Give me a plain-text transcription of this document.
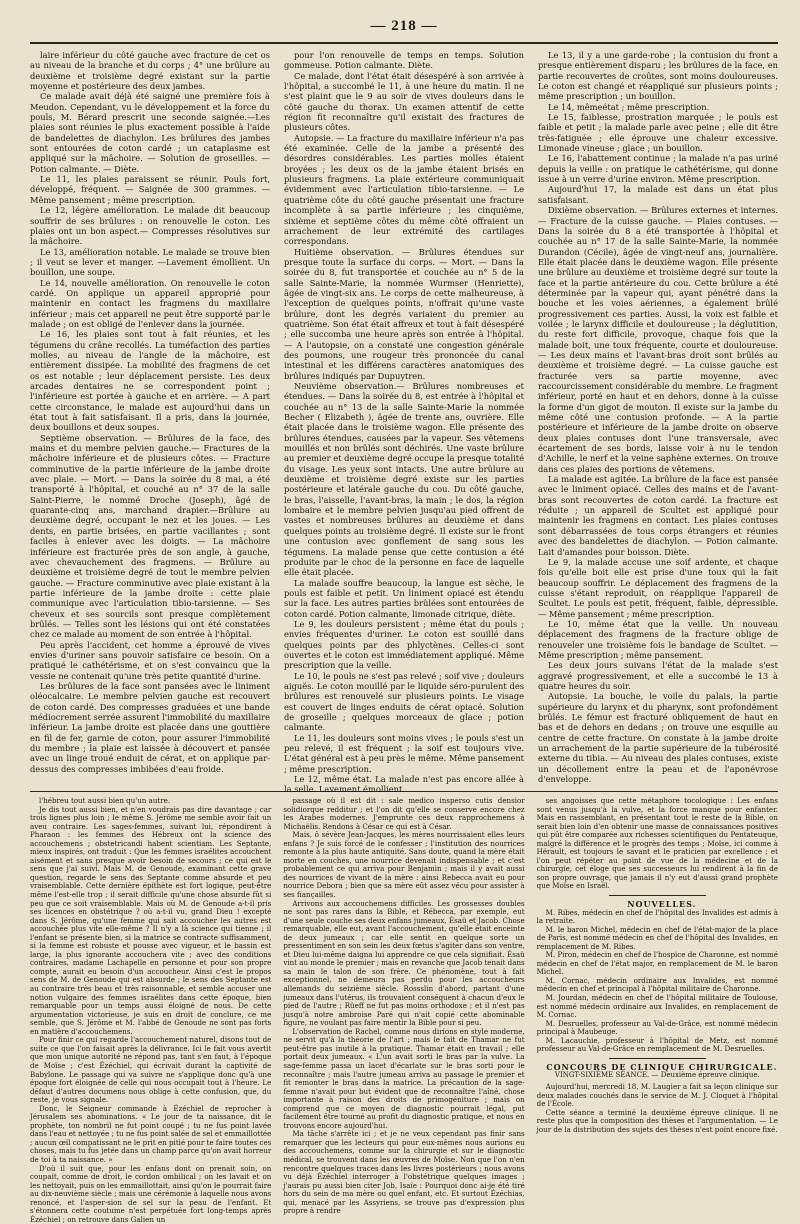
— 218 —

laire inférieur du côté gauche avec fracture de cet os au niveau de la branche et du corps ; 4° une brûlure au deuxième et troisième degré existant sur la partie moyenne et postérieure des deux jambes.

Ce malade avait déjà été saigné une première fois à Meudon. Cependant, vu le développement et la force du pouls, M. Bérard prescrit une seconde saignée.—Les plaies sont réunies le plus exactement possible à l'aide de bandelettes de diachylon. Les brûlures des jambes sont entourées de coton cardé ; un cataplasme est appliqué sur la mâchoire. — Solution de groseilles. — Potion calmante. — Diète.

Le 11, les plaies paraissent se réunir. Pouls fort, développé, fréquent. — Saignée de 300 grammes. — Même pansement ; même prescription.

Le 12, légère amélioration. Le malade dit beaucoup souffrir de ses brûlures : on renouvelle le coton. Les plaies ont un bon aspect.— Compresses résolutives sur la mâchoire.

Le 13, amélioration notable. Le malade se trouve bien ; il veut se lever et manger. —Lavement émollient. Un bouillon, une soupe.

Le 14, nouvelle amélioration. On renouvelle le coton cardé. On applique un appareil approprié pour maintenir en contact les fragmens du maxillaire inférieur ; mais cet appareil ne peut être supporté par le malade ; on est obligé de l'enlever dans la journée.

Le 16, les plaies sont tout à fait réunies, et les tégumens du crâne recollés. La tuméfaction des parties molles, au niveau de l'angle de la mâchoire, est entièrement dissipée. La mobilité des fragmens de cet os est notable ; leur déplacement persiste. Les deux arcades dentaires ne se correspondent point ; l'inférieure est portée à gauche et en arrière. — A part cette circonstance, le malade est aujourd'hui dans un état tout à fait satisfaisant. Il a pris, dans la journée, deux bouillons et deux soupes.

Septième observation. — Brûlures de la face, des mains et du membre pelvien gauche.— Fractures de la mâchoire inférieure et de plusieurs côtes. — Fracture comminutive de la partie inférieure de la jambe droite avec plaie. — Mort. — Dans la soirée du 8 mai, a été transporté à l'hôpital, et couché au n° 37 de la salle Saint-Pierre, le nommé Droche (Joseph), âgé de quarante-cinq ans, marchand drapier.—Brûlure au deuxième degré, occupant le nez et les joues. — Les dents, en partie brisées, en partie vacillantes ; sont faciles à enlever avec les doigts. — La mâchoire inférieure est fracturée près de son angle, à gauche, avec chevauchement des fragmens. — Brûlure au deuxième et troisième degré de tout le membre pelvien gauche. — Fracture comminutive avec plaie existant à la partie inférieure de la jambe droite : cette plaie communique avec l'articulation tibio-tarsienne. — Ses cheveux et ses sourcils sont presque complètement brûlés. — Telles sont les lésions qui ont été constatées chez ce malade au moment de son entrée à l'hôpital.

Peu après l'accident, cet homme a éprouvé de vives envies d'uriner sans pouvoir satisfaire ce besoin. On a pratiqué le cathétérisme, et on s'est convaincu que la vessie ne contenait qu'une très petite quantité d'urine.

Les brûlures de la face sont pansées avec le liniment oléocalcaire. Le membre pelvien gauche est recouvert de coton cardé. Des compresses graduées et une bande médiocrement serrée assurent l'immobilité du maxillaire inférieur. La jambe droite est placée dans une gouttière en fil de fer, garnie de coton, pour assurer l'immobilité du membre ; la plaie est laissée à découvert et pansée avec un linge troué enduit de cérat, et on applique par-dessus des compresses imbibées d'eau froide.

pour l'on renouvelle de temps en temps. Solution gommeuse. Potion calmante. Diète.

Ce malade, dont l'état était désespéré à son arrivée à l'hôpital, a succombé le 11, à une heure du matin. Il ne s'est plaint que le 9 au soir de vives douleurs dans le côté gauche du thorax. Un examen attentif de cette région fit reconnaître qu'il existait des fractures de plusieurs côtes.

Autopsie. — La fracture du maxillaire inférieur n'a pas été examinée. Celle de la jambe a présenté des désordres considérables. Les parties molles étaient broyées ; les deux os de la jambe étaient brisés en plusieurs fragmens. La plaie extérieure communiquait évidemment avec l'articulation tibio-tarsienne. — Le quatrième côte du côté gauche présentait une fracture incomplète à sa partie inférieure ; les cinquième, sixième et septième côtes du même côté offraient un arrachement de leur extrémité des cartilages correspondans.

Huitième observation. — Brûlures étendues sur presque toute la surface du corps. — Mort. — Dans la soirée du 8, fut transportée et couchée au n° 5 de la salle Sainte-Marie, la nommée Wurmser (Henriette), âgée de vingt-six ans. Le corps de cette malheureuse, à l'exception de quelques points, n'offrait qu'une vaste brûlure, dont les degrés variaient du premier au quatrième. Son état était affreux et tout à fait désespéré ; elle succomba une heure après son entrée à l'hôpital. — A l'autopsie, on a constaté une congestion générale des poumons, une rougeur très prononcée du canal intestinal et les différens caractères anatomiques des brûlures indiqués par Dupuytren.

Neuvième observation.— Brûlures nombreuses et étendues. — Dans la soirée du 8, est entrée à l'hôpital et couchée au n° 13 de la salle Sainte-Marie la nommée Becher ( Elizabeth ), âgée de trente ans, ouvrière. Elle était placée dans le troisième wagon. Elle présente des brûlures étendues, causées par la vapeur. Ses vêtemens mouillés et non brûlés sont déchirés. Une vaste brûlure au premier et deuxième degré occupe la presque totalité du visage. Les yeux sont intacts. Une autre brûlure au deuxième et troisième degré existe sur les parties postérieure et latérale gauche du cou. Du côté gauche, le bras, l'aisselle, l'avant-bras, la main ; le dos, la région lombaire et le membre pelvien jusqu'au pied offrent de vastes et nombreuses brûlures au deuxième et dans quelques points au troisième degré. Il existe sur le front une contusion avec gonflement de sang sous les tégumens. La malade pense que cette contusion a été produite par le choc de la personne en face de laquelle elle était placée.

La malade souffre beaucoup, la langue est sèche, le pouls est faible et petit. Un liniment opiacé est étendu sur la face. Les autres parties brûlées sont entourées de coton cardé. Potion calmante, limonade citrique, diète.

Le 9, les douleurs persistent ; même état du pouls ; envies fréquentes d'uriner. Le coton est souillé dans quelques points par des phlyctènes. Celles-ci sont ouvertes et le coton est immédiatement appliqué. Même prescription que la veille.

Le 10, le pouls ne s'est pas relevé ; soif vive ; douleurs aiguës. Le coton mouillé par le liquide séro-purulent des brûlures est renouvelé sur plusieurs points. Le visage est couvert de linges enduits de cérat opiacé. Solution de groseille ; quelques morceaux de glace ; potion calmante.

Le 11, les douleurs sont moins vives ; le pouls s'est un peu relevé, il est fréquent ; la soif est toujours vive. L'état général est à peu près le même. Même pansement ; même prescription.

Le 12, même état. La malade n'est pas encore allée à la selle. Lavement émollient.

Le 13, il y a une garde-robe ; la contusion du front a presque entièrement disparu ; les brûlures de la face, en partie recouvertes de croûtes, sont moins douloureuses. Le coton est changé et réappliqué sur plusieurs points ; même prescription ; un bouillon.

Le 14, mêmeétat ; même prescription.

Le 15, faiblesse, prostration marquée ; le pouls est faible et petit ; la malade parle avec peine ; elle dit être très-fatiguée ; elle éprouve une chaleur excessive. Limonade vineuse ; glace ; un bouillon.

Le 16, l'abattement continue ; la malade n'a pas uriné depuis la veille : on pratique le cathétérisme, qui donne issue à un verre d'urine environ. Même prescription.

Aujourd'hui 17, la malade est dans un état plus satisfaisant.

Dixième observation. — Brûlures externes et internes.— Fracture de la cuisse gauche. — Plaies contuses. — Dans la soirée du 8 a été transportée à l'hôpital et couchée au n° 17 de la salle Sainte-Marie, la nommée Durandon (Cécile), âgée de vingt-neuf ans, journalière. Elle était placée dans le deuxième wagon. Elle présente une brûlure au deuxième et troisième degré sur toute la face et la partie antérieure du cou. Cette brûlure a été déterminée par la vapeur qui, ayant pénétré dans la bouche et les voies aériennes, a également brûlé progressivement ces parties. Aussi, la voix est faible et voilée ; le larynx difficile et douloureuse ; la déglutition, du reste fort difficile, provoque, chaque fois que la malade boit, une toux fréquente, courte et douloureuse. — Les deux mains et l'avant-bras droit sont brûlés au deuxième et troisième degré. — La cuisse gauche est fracturée vers sa partie moyenne, avec raccourcissement considérable du membre. Le fragment inférieur, porté en haut et en dehors, donne à la cuisse la forme d'un gigot de mouton. Il existe sur la jambe du même côté une contusion profonde. — A la partie postérieure et inférieure de la jambe droite on observe deux plaies contuses dont l'une transversale, avec écartement de ses bords, laisse voir à nu le tendon d'Achille, le nerf et la veine saphène externes. On trouve dans ces plaies des portions de vêtemens.

La malade est agitée. La brûlure de la face est pansée avec le liniment opiacé. Celles des mains et de l'avant-bras sont recouvertes de coton cardé. La fracture est réduite ; un appareil de Scultet est appliqué pour maintenir les fragmens en contact. Les plaies contuses sont débarrassées de tous corps étrangers et réunies avec des bandelettes de diachylon. — Potion calmante. Lait d'amandes pour boisson. Diète.

Le 9, la malade accuse une soif ardente, et chaque fois qu'elle boit elle est prise d'une toux qui la fait beaucoup souffrir. Le déplacement des fragmens de la cuisse s'étant reproduit, on réapplique l'appareil de Scultet. Le pouls est petit, fréquent, faible, dépressible. — Même pansement ; même prescription.

Le 10, même état que la veille. Un nouveau déplacement des fragmens de la fracture oblige de renouveler une troisième fois le bandage de Scultet. — Même prescription ; même pansement.

Les deux jours suivans l'état de la malade s'est aggravé progressivement, et elle a succombé le 13 à quatre heures du soir.

Autopsie. La bouche, le voile du palais, la partie supérieure du larynx et du pharynx, sont profondément brûlés. Le fémur est fracturé obliquement de haut en bas et de dehors en dedans ; on trouve une esquille au centre de cette fracture. On constate à la jambe droite un arrachement de la partie supérieure de la tubérosité externe du tibia. — Au niveau des plaies contuses, existe un décollement entre la peau et de l'aponévrose d'enveloppe.

l'hébreu tout aussi bien qu'un autre.

Je dis tout aussi bien, et n'en voudrais pas dire davantage ; car trois lignes plus loin ; le même S. Jérôme me semble avoir fait un aveu contraire. Les sages-femmes, suivant lui, répondirent à Pharaon : les femmes des Hébreux ont la science des accouchemens ; obstetricandi habent scientiam. Les Septante, mieux inspirés, ont traduit : Que les femmes israélites accouchent aisément et sans presque avoir besoin de secours ; ce qui est le sens que j'ai suivi. Mais M. de Genoude, examinant cette grave question, regarde le sens des Septante comme absurde et peu vraisemblable. Cette dernière épithète est fort logique, peut-être même l'est-elle trop ; il serait difficile qu'une chose absurde fût si peu que ce soit vraisemblable. Mais où M. de Genoude a-t-il pris ses licences en obstétrique ? où a-t-il vu, grand Dieu ! excepté dans S. Jérôme, qu'une femme qui sait accoucher les autres est accouchée plus vite elle-même ? Il n'y a là science qui tienne ; il l'enfant se présente bien, si la matrice se contracte suffisamment, si la femme est robuste et pousse avec vigueur, et le bassin est large, la plus ignorante accouchera vite ; avec des conditions contraires, madame Lachapelle en personne et pour son propre compte, aurait eu besoin d'un accoucheur. Ainsi c'est le propos sens de M. de Genoude qui est absurde ; le sens des Septante est au contraire très beau et très raisonnable, et semble accuser une notion vulgaire des femmes israélites dans cette époque, bien remarquable pour un temps aussi éloigné de nous. De cette argumentation victorieuse, je suis en droit de conclure, ce me semble, que S. Jérôme et M. l'abbé de Genoude ne sont pas forts en matière d'accouchemens.

Pour finir ce qui regarde l'accouchement naturel, disons tout de suite ce que l'on faisait après la délivrance. Ici le fait vous avertit que mon unique autorité ne répond pas, tant s'en faut, à l'époque de Moïse ; c'est Ézéchiel, qui écrivait durant la captivité de Babylone. Le passage qui va suivre ne s'applique donc qu'à une époque fort éloignée de celle qui nous occupait tout à l'heure. Le défaut d'autres documens nous oblige à cette confusion, que, du reste, je vous signale.

Donc, le Seigneur commande à Ézéchiel de reprocher à Jérusalem ses abominations. « Le jour de ta naissance, dit le prophète, ton nombril ne fut point coupé ; tu ne fus point lavée dans l'eau et nettoyée ; tu ne fus point salée de sel et emmaillottée ; aucun œil compatissant ne le prit en pitié pour te faire toutes ces choses, mais tu fus jetée dans un champ parce qu'on avait horreur de toi à ta naissance. »

D'où il suit que, pour les enfans dont on prenait soin, on coupait, comme de droit, le cordon ombilical ; on les lavait et on les nettoyait, puis on les emmaillottait, ainsi qu'on le pourrait faire au dix-neuvième siècle ; mais une cérémonie à laquelle nous avons renoncé, et l'asper-sion de sel sur la peau de l'enfant. Et s'étonnera cette coutume n'est perpétuée fort long-temps après Ézéchiel ; on retrouve dans Galien un

passage où il est dit : sale medico insperso cutis densior solidiorque redditur ; et l'on dit qu'elle se conserve encore chez les Arabes modernes. J'emprunte ces deux rapprochemens à Michaëlis. Rendons à César ce qui est à César.

Mais, ô sévère Jean-Jacques, les mères nourrissaient elles leurs enfans ? Je suis forcé de le confesser ; l'institution des nourrices remonte à la plus haute antiquité. Sans doute, quand la mère était morte en couches, une nourrice devenait indispensable ; et c'est probablement ce qui arriva pour Benjamin ; mais il y avait aussi des nourrices de vivant de la mère : ainsi Rebecca avait eu pour nourrice Debora ; bien que sa mère eût assez vécu pour assister à ses fiançailles.

Arrivons aux accouchemens difficiles. Les grossesses doubles ne sont pas rares dans la Bible, et Rébecca, par exemple, eut d'une seule couche ses deux enfans jumeaux, Ésaü et Jacob. Chose remarquable, elle eut, avant l'accouchement, qu'elle était enceinte de deux jumeaux ; car elle sentit en quelque sorte un pressentiment en son sein les deux fœtus s'agiter dans son ventre, et Dieu lui-même daigna lui apprendre ce que cela signifiait. Ésaü vint au monde le premier ; mais en revanche que Jacob tenait dans sa main le talon de son frère. Ce phénomène, tout à fait exceptionnel, ne demeura pas perdu pour les accoucheurs allemands du seizième siècle. Rossslin d'abord, partant d'une jumeaux dans l'utérus, ils trouvaient conséquent à chacun d'eux le pied de l'autre ; Rüeff ne fut pas moins orthodoxe ; et il n'est pas jusqu'à notre ambroise Paré qui n'ait copié cette abominable figure, ne voulant pas faire mentir la Bible pour si peu.

L'observation de Rachel, comme nous dirions en style moderne, ne servit qu'à la théorie de l'art ; mais le fait de Thamar ne fut peut-être pas inutile à la pratique. Thamar était en travail ; elle portait deux jumeaux. « L'un avait sorti le bras par la vulve. La sage-femme passa un lacet d'écarlate sur le bras sorti pour le reconnaître ; mais l'autre jumeau arriva au passage le premier et fit remonter le bras dans la matrice. La précaution de la sage-femme n'avait pour but évident que de reconnaître l'aîné, chose importante à raison des droits de primogéniture ; mais on comprend que ce moyen de diagnostic pourrait légal, put facilement être tourné au profit du diagnostic pratique, et nous en trouvons encore aujourd'hui.

Ma tâche s'arrête ici ; et je ne veux cependant pas finir sans remarquer que les lecteurs qui pour eux-mêmes nous aurions eu des accouchemens, comme sur la chirurgie et sur le diagnostic médical, se trouvent dans les œuvres de Moïse. Non que l'on n'en rencontre quelques traces dans les livres postérieurs ; nous avons vu déjà Ézéchiel interroger à l'obstétrique quelques images ; j'aurais pu aussi bien citer Job, Isaïe : Pourquoi donc ai-je été tiré hors du sein de ma mère ou quel enfant, etc. Et surtout Ézéchias, qui, menacé par les Assyriens, se trouve pas d'expression plus propre à rendre

ses angoisses que cette métaphore tocologique : Les enfans sont venus jusqu'à la vulve, et la force manque pour enfanter. Mais en rassemblant, en présentant tout le reste de la Bible, on serait bien loin d'en obtenir une masse de connaissances positives qui pût être comparée aux richesses scientifiques du Pentateuque, malgré la différence et le progrès des temps ; Moïse, ici comme à Hérault, est toujours le savant et le praticien par excellence ; et l'on peut répéter au point de vue de la médecine et de la chirurgie, cet éloge que ses successeurs lui rendirent à la fin de son propre ouvrage, que jamais il n'y eut d'aussi grand prophète que Moïse en Israël.

NOUVELLES.

M. Ribes, médecin en chef de l'hôpital des Invalides est admis à la retraite.

M. le baron Michel, médecin en chef de l'état-major de la place de Paris, est nommé médecin en chef de l'hôpital des Invalides, en remplacement de M. Ribes.

M. Piron, médecin en chef de l'hospice de Charonne, est nommé médecin en chef de l'état major, en remplacement de M. le baron Michel.

M. Cornac, médecin ordinaire aux Invalides, est nommé médecin en chef et principal à l'hôpital militaire de Charonne.

M. Jourdan, médecin en chef de l'hôpital militaire de Toulouse, est nommé médecin ordinaire aux Invalides, en remplacement de M. Cornac.

M. Desruelles, professeur au Val-de-Grâce, est nommé médecin principal à Maubeuge.

M. Lacauchie, professeur à l'hôpital de Metz, est nommé professeur au Val-de-Grâce en remplacement de M. Desruelles.

CONCOURS DE CLINIQUE CHIRURGICALE.

VINGT-SIXIÈME SÉANCE. — Deuxième épreuve clinique.

Aujourd'hui, mercredi 18, M. Laugier a fait sa leçon clinique sur deux malades couchés dans le service de M. J. Cloquet à l'hôpital de l'École.

Cette séance a terminé la deuxième épreuve clinique. Il ne reste plus que la composition des thèses et l'argumentation. — Le jour de la distribution des sujets des thèses n'est point encore fixé.
